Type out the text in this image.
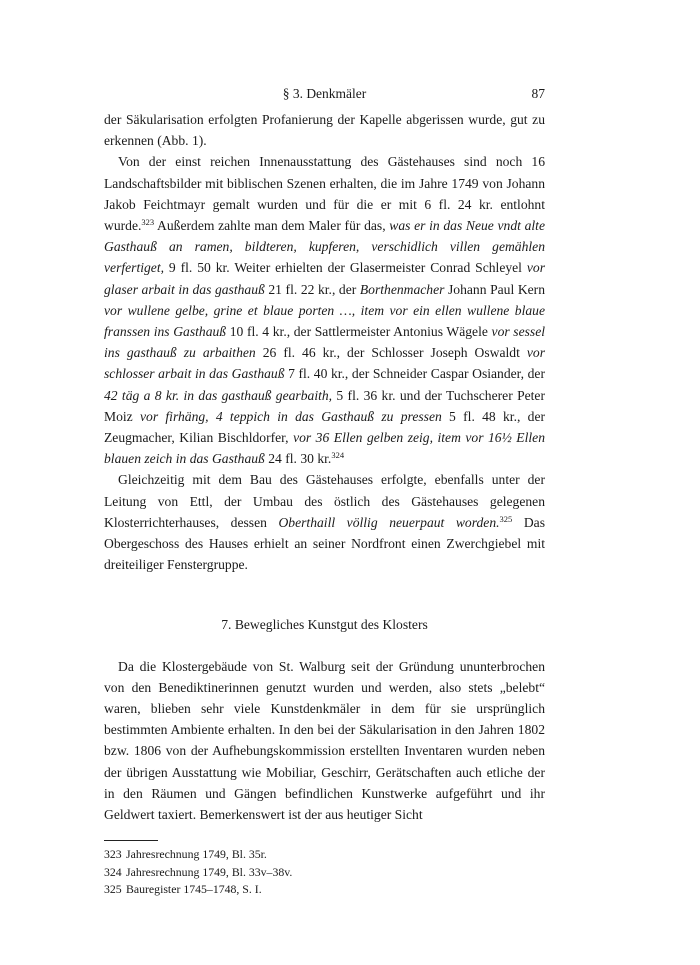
§ 3. Denkmäler	87

der Säkularisation erfolgten Profanierung der Kapelle abgerissen wurde, gut zu erkennen (Abb. 1).

Von der einst reichen Innenausstattung des Gästehauses sind noch 16 Landschaftsbilder mit biblischen Szenen erhalten, die im Jahre 1749 von Johann Jakob Feichtmayr gemalt wurden und für die er mit 6 fl. 24 kr. entlohnt wurde.$^{323}$ Außerdem zahlte man dem Maler für das, was er in das Neue vndt alte Gasthauß an ramen, bildteren, kupferen, verschidlich villen gemählen verfertiget, 9 fl. 50 kr. Weiter erhielten der Glasermeister Conrad Schleyel vor glaser arbait in das gasthauß 21 fl. 22 kr., der Borthenmacher Johann Paul Kern vor wullene gelbe, grine et blaue porten …, item vor ein ellen wullene blaue franssen ins Gasthauß 10 fl. 4 kr., der Sattlermeister Antonius Wägele vor sessel ins gasthauß zu arbaithen 26 fl. 46 kr., der Schlosser Joseph Oswaldt vor schlosser arbait in das Gasthauß 7 fl. 40 kr., der Schneider Caspar Osiander, der 42 täg a 8 kr. in das gasthauß gearbaith, 5 fl. 36 kr. und der Tuchscherer Peter Moiz vor firhäng, 4 teppich in das Gasthauß zu pressen 5 fl. 48 kr., der Zeugmacher, Kilian Bischldorfer, vor 36 Ellen gelben zeig, item vor 16½ Ellen blauen zeich in das Gasthauß 24 fl. 30 kr.$^{324}$

Gleichzeitig mit dem Bau des Gästehauses erfolgte, ebenfalls unter der Leitung von Ettl, der Umbau des östlich des Gästehauses gelegenen Klosterrichterhauses, dessen Oberthaill völlig neuerpaut worden.$^{325}$ Das Obergeschoss des Hauses erhielt an seiner Nordfront einen Zwerchgiebel mit dreiteiliger Fenstergruppe.

7. Bewegliches Kunstgut des Klosters

Da die Klostergebäude von St. Walburg seit der Gründung ununterbrochen von den Benediktinerinnen genutzt wurden und werden, also stets „belebt“ waren, blieben sehr viele Kunstdenkmäler in dem für sie ursprünglich bestimmten Ambiente erhalten. In den bei der Säkularisation in den Jahren 1802 bzw. 1806 von der Aufhebungskommission erstellten Inventaren wurden neben der übrigen Ausstattung wie Mobiliar, Geschirr, Gerätschaften auch etliche der in den Räumen und Gängen befindlichen Kunstwerke aufgeführt und ihr Geldwert taxiert. Bemerkenswert ist der aus heutiger Sicht

323 Jahresrechnung 1749, Bl. 35r.
324 Jahresrechnung 1749, Bl. 33v–38v.
325 Bauregister 1745–1748, S. I.
